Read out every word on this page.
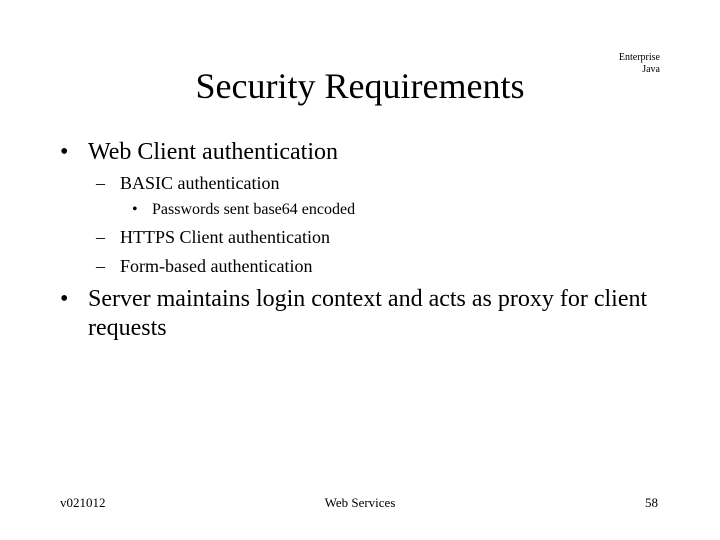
Security Requirements
Enterprise
Java
• Web Client authentication
– BASIC authentication
• Passwords sent base64 encoded
– HTTPS Client authentication
– Form-based authentication
• Server maintains login context and acts as proxy for client requests
v021012	Web Services	58
